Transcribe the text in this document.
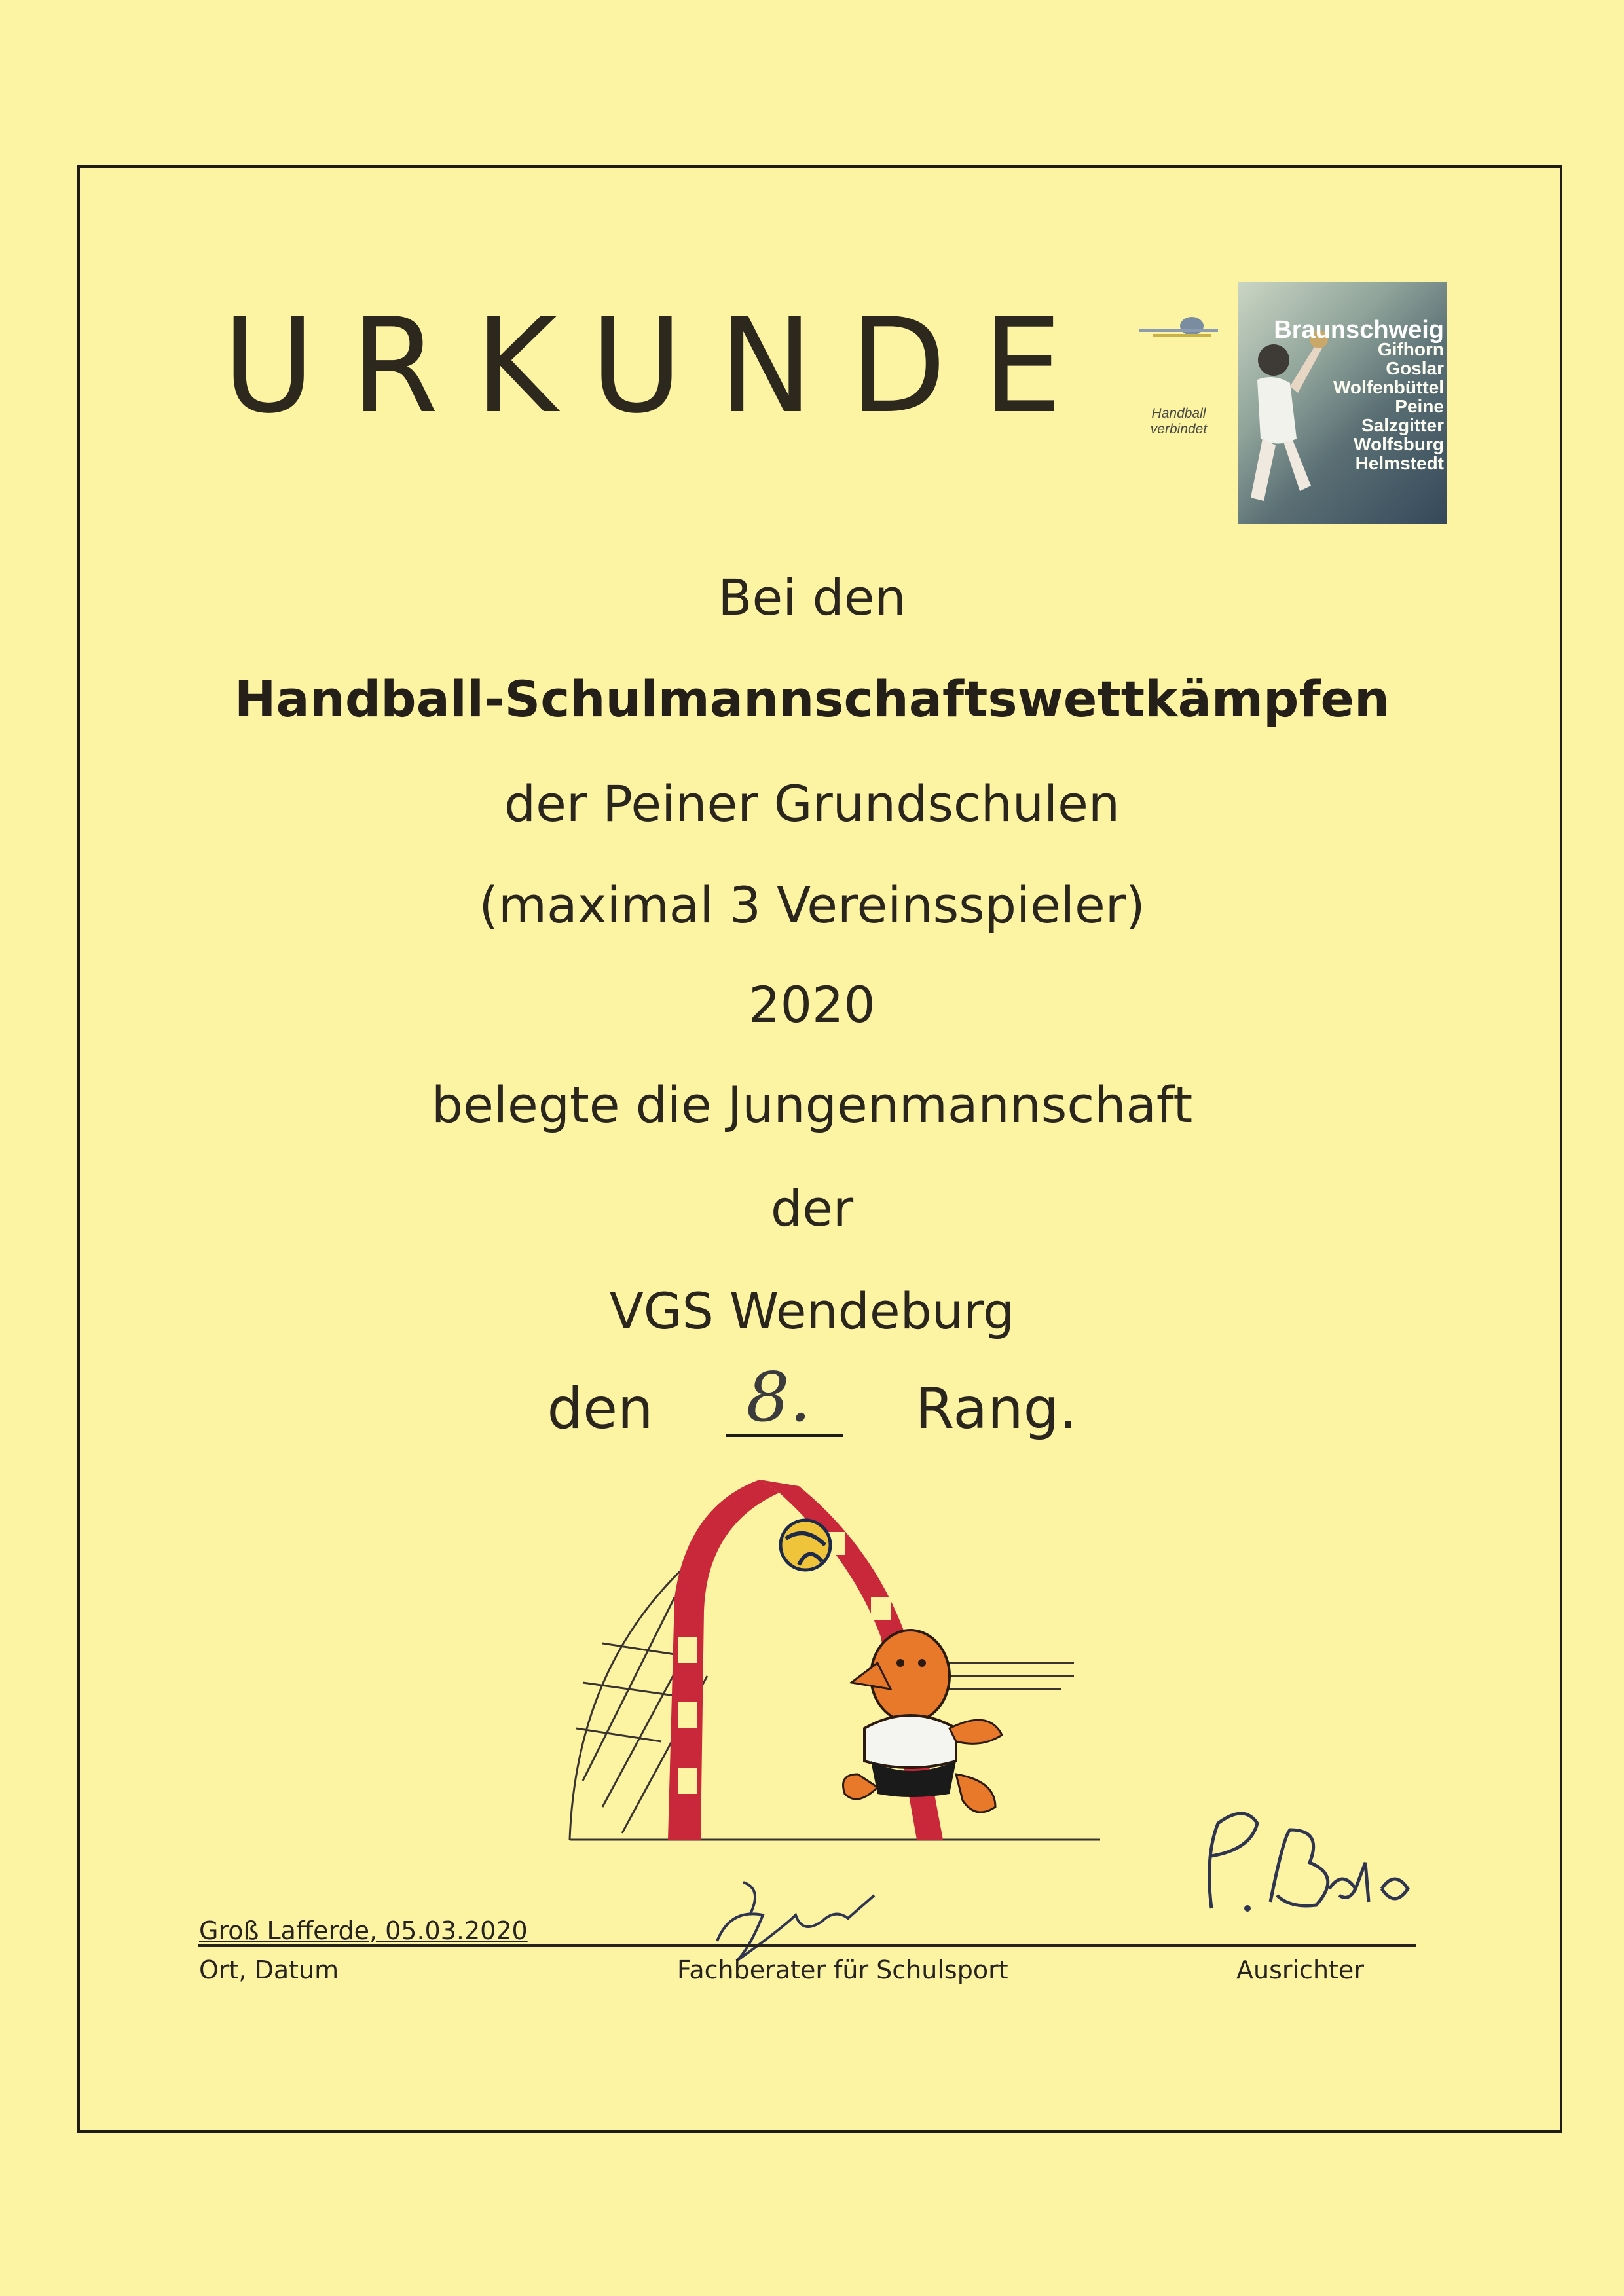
URKUNDE	Handball verbindet
Braunschweig
Gifhorn
Goslar
Wolfenbüttel
Peine
Salzgitter
Wolfsburg
Helmstedt
Bei den
Handball-Schulmannschaftswettkämpfen
der Peiner Grundschulen
(maximal 3 Vereinsspieler)
2020
belegte die Jungenmannschaft
der
VGS Wendeburg
den 8. Rang.
Groß Lafferde, 05.03.2020
Ort, Datum	Fachberater für Schulsport	Ausrichter
